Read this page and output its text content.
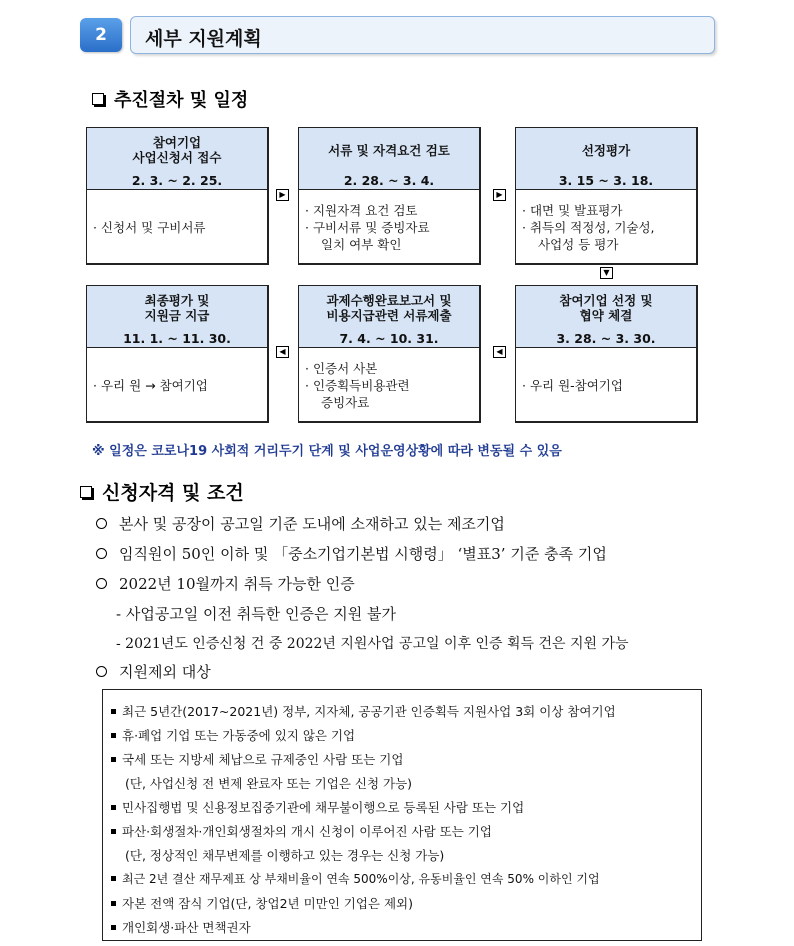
2	세부 지원계획
추진절차 및 일정
참여기업
사업신청서 접수
2. 3. ~ 2. 25.
· 신청서 및 구비서류
▶
서류 및 자격요건 검토
2. 28. ~ 3. 4.
· 지원자격 요건 검토
· 구비서류 및 증빙자료
일치 여부 확인
▶
선정평가
3. 15 ~ 3. 18.
· 대면 및 발표평가
· 취득의 적정성, 기술성,
사업성 등 평가
▼
최종평가 및
지원금 지급
11. 1. ~ 11. 30.
· 우리 원 → 참여기업
◀
과제수행완료보고서 및
비용지급관련 서류제출
7. 4. ~ 10. 31.
· 인증서 사본
· 인증획득비용관련
증빙자료
◀
참여기업 선정 및
협약 체결
3. 28. ~ 3. 30.
· 우리 원-참여기업
※ 일정은 코로나19 사회적 거리두기 단계 및 사업운영상황에 따라 변동될 수 있음
신청자격 및 조건
본사 및 공장이 공고일 기준 도내에 소재하고 있는 제조기업
임직원이 50인 이하 및 「중소기업기본법 시행령」 ‘별표3’ 기준 충족 기업
2022년 10월까지 취득 가능한 인증
- 사업공고일 이전 취득한 인증은 지원 불가
- 2021년도 인증신청 건 중 2022년 지원사업 공고일 이후 인증 획득 건은 지원 가능
지원제외 대상
최근 5년간(2017~2021년) 정부, 지자체, 공공기관 인증획득 지원사업 3회 이상 참여기업
휴·폐업 기업 또는 가동중에 있지 않은 기업
국세 또는 지방세 체납으로 규제중인 사람 또는 기업
(단, 사업신청 전 변제 완료자 또는 기업은 신청 가능)
민사집행법 및 신용정보집중기관에 채무불이행으로 등록된 사람 또는 기업
파산·회생절차·개인회생절차의 개시 신청이 이루어진 사람 또는 기업
(단, 정상적인 채무변제를 이행하고 있는 경우는 신청 가능)
최근 2년 결산 재무제표 상 부채비율이 연속 500%이상, 유동비율인 연속 50% 이하인 기업
자본 전액 잠식 기업(단, 창업2년 미만인 기업은 제외)
개인회생·파산 면책권자
